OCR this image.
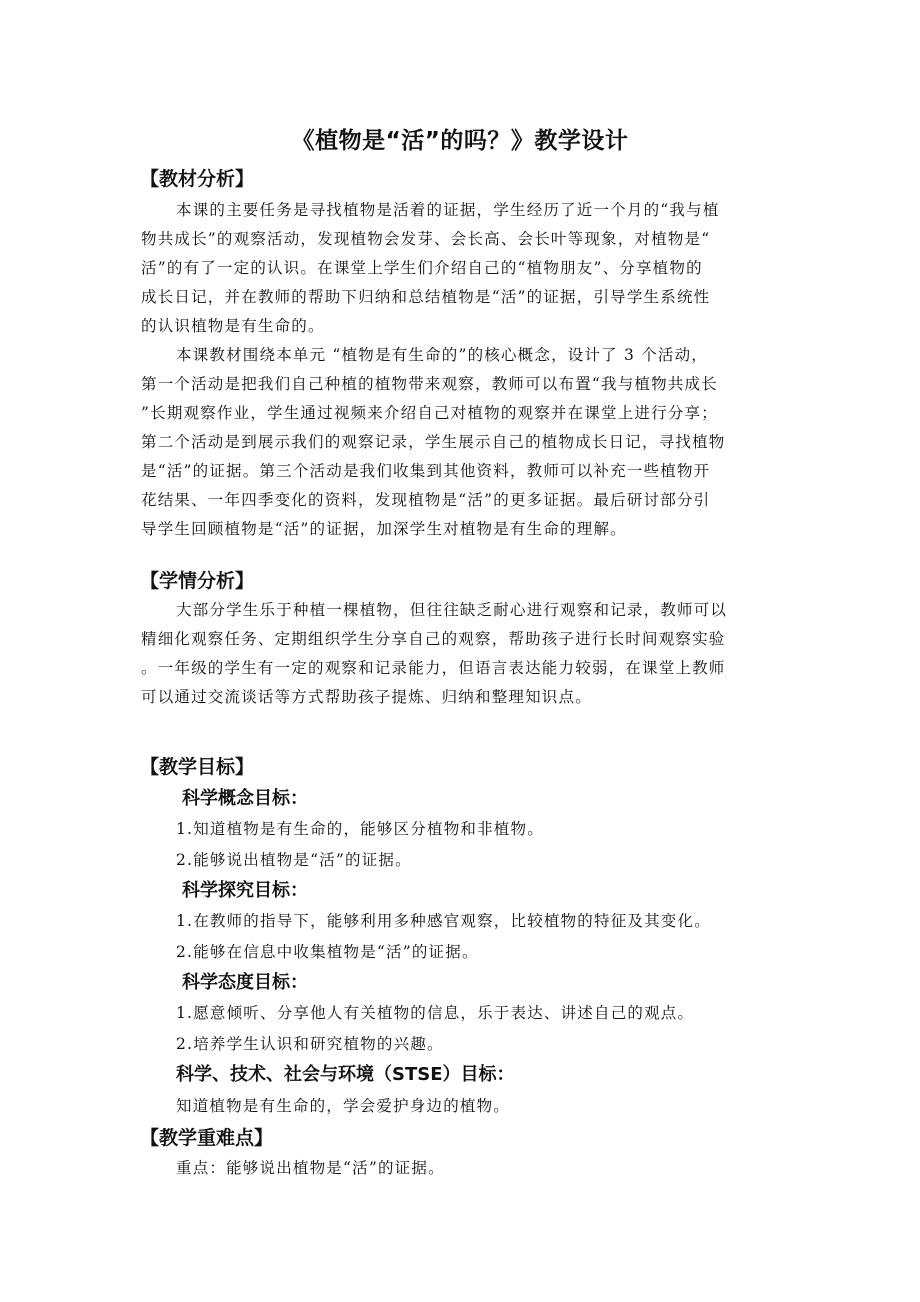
《植物是“活”的吗？》教学设计
【教材分析】
本课的主要任务是寻找植物是活着的证据，学生经历了近一个月的“我与植
物共成长”的观察活动，发现植物会发芽、会长高、会长叶等现象，对植物是“
活”的有了一定的认识。在课堂上学生们介绍自己的“植物朋友”、分享植物的
成长日记，并在教师的帮助下归纳和总结植物是“活”的证据，引导学生系统性
的认识植物是有生命的。
本课教材围绕本单元 “植物是有生命的”的核心概念，设计了 3 个活动，
第一个活动是把我们自己种植的植物带来观察，教师可以布置“我与植物共成长
”长期观察作业，学生通过视频来介绍自己对植物的观察并在课堂上进行分享；
第二个活动是到展示我们的观察记录，学生展示自己的植物成长日记，寻找植物
是“活”的证据。第三个活动是我们收集到其他资料，教师可以补充一些植物开
花结果、一年四季变化的资料，发现植物是“活”的更多证据。最后研讨部分引
导学生回顾植物是“活”的证据，加深学生对植物是有生命的理解。
【学情分析】
大部分学生乐于种植一棵植物，但往往缺乏耐心进行观察和记录，教师可以
精细化观察任务、定期组织学生分享自己的观察，帮助孩子进行长时间观察实验
。一年级的学生有一定的观察和记录能力，但语言表达能力较弱，在课堂上教师
可以通过交流谈话等方式帮助孩子提炼、归纳和整理知识点。
【教学目标】
科学概念目标：
1.知道植物是有生命的，能够区分植物和非植物。
2.能够说出植物是“活”的证据。
科学探究目标：
1.在教师的指导下，能够利用多种感官观察，比较植物的特征及其变化。
2.能够在信息中收集植物是“活”的证据。
科学态度目标：
1.愿意倾听、分享他人有关植物的信息，乐于表达、讲述自己的观点。
2.培养学生认识和研究植物的兴趣。
科学、技术、社会与环境（STSE）目标：
知道植物是有生命的，学会爱护身边的植物。
【教学重难点】
重点：能够说出植物是“活”的证据。
